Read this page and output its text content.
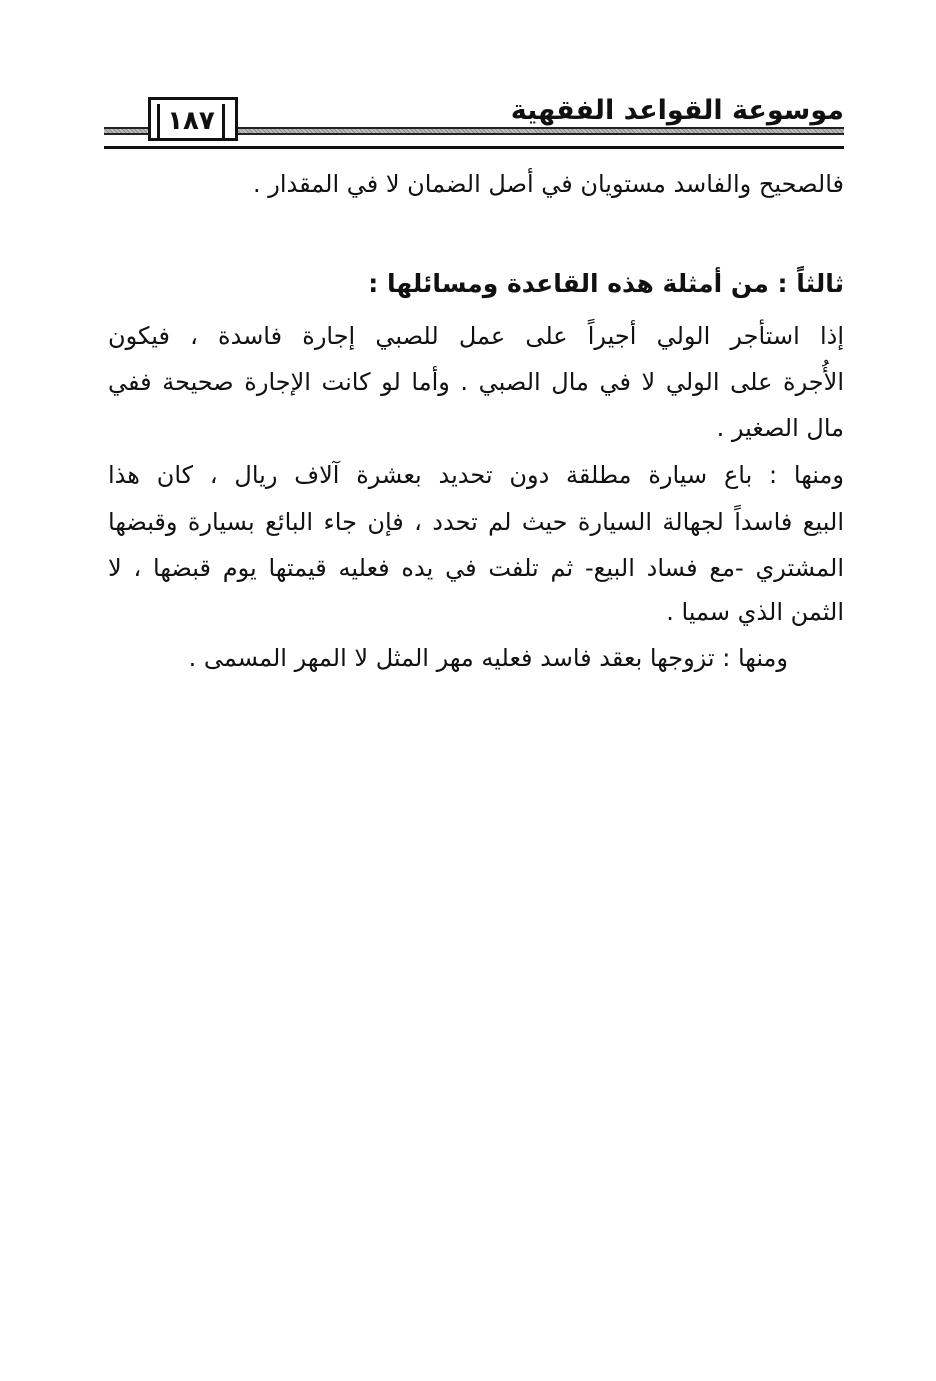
موسوعة القواعد الفقهية
١٨٧
فالصحيح والفاسد مستويان في أصل الضمان لا في المقدار .
ثالثاً : من أمثلة هذه القاعدة ومسائلها :
إذا استأجر الولي أجيراً على عمل للصبي إجارة فاسدة ، فيكون
الأُجرة على الولي لا في مال الصبي . وأما لو كانت الإجارة صحيحة ففي
مال الصغير .
ومنها : باع سيارة مطلقة دون تحديد بعشرة آلاف ريال ، كان هذا
البيع فاسداً لجهالة السيارة حيث لم تحدد ، فإن جاء البائع بسيارة وقبضها
المشتري -مع فساد البيع- ثم تلفت في يده فعليه قيمتها يوم قبضها ، لا
الثمن الذي سميا .
ومنها : تزوجها بعقد فاسد فعليه مهر المثل لا المهر المسمى .
